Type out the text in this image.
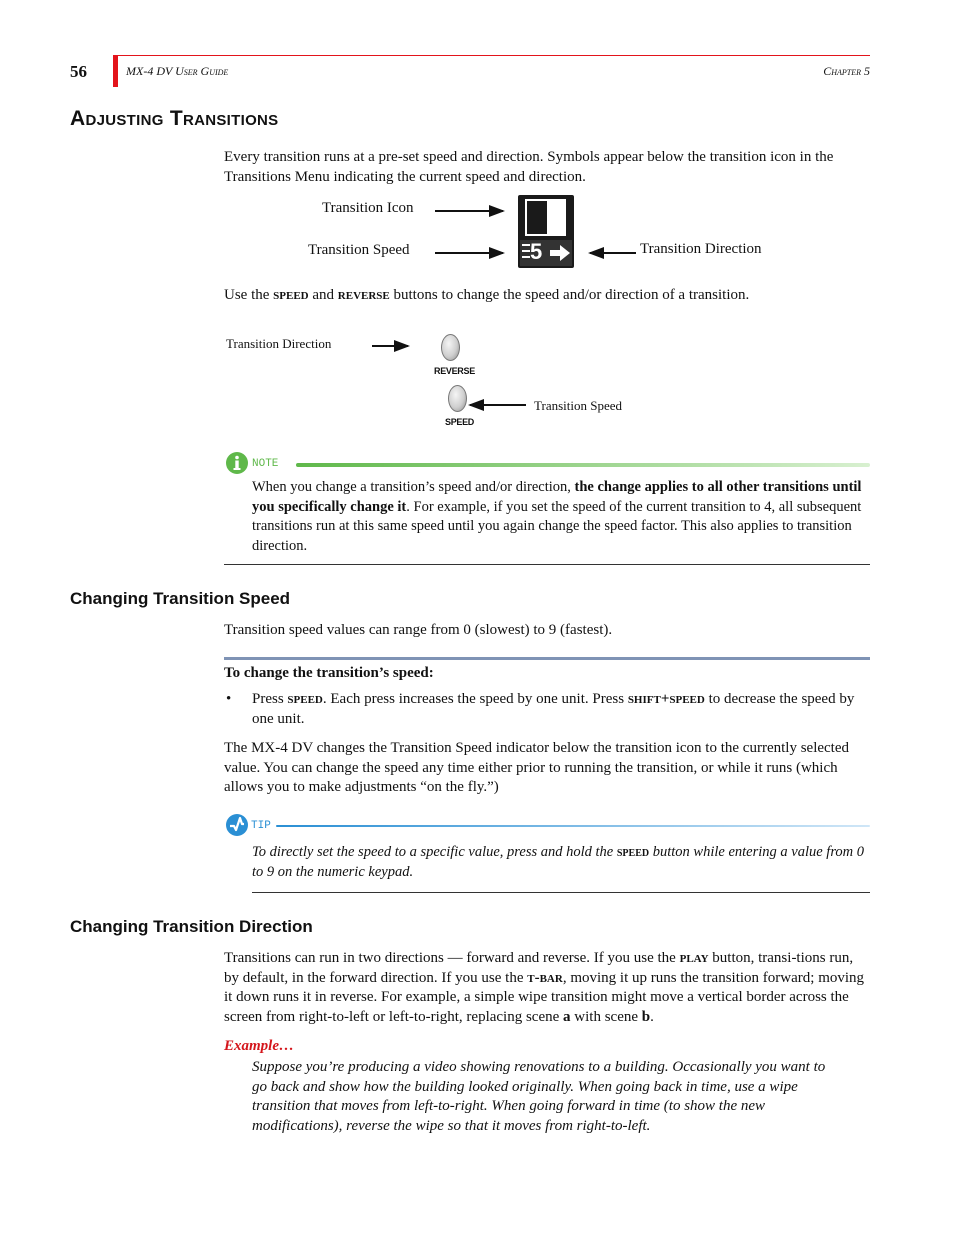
56	MX-4 DV User Guide	Chapter 5
Adjusting Transitions

Every transition runs at a pre-set speed and direction. Symbols appear below the transition icon in the Transitions Menu indicating the current speed and direction.

Transition Icon
Transition Speed	5	Transition Direction

Use the speed and reverse buttons to change the speed and/or direction of a transition.

Transition Direction
REVERSE
SPEED
Transition Speed
NOTE

When you change a transition’s speed and/or direction, the change applies to all other transitions until you specifically change it. For example, if you set the speed of the current transition to 4, all subsequent transitions run at this same speed until you again change the speed factor. This also applies to transition direction.

Changing Transition Speed

Transition speed values can range from 0 (slowest) to 9 (fastest).

To change the transition’s speed:
• Press speed. Each press increases the speed by one unit. Press shift+speed to decrease the speed by one unit.

The MX-4 DV changes the Transition Speed indicator below the transition icon to the currently selected value. You can change the speed any time either prior to running the transition, or while it runs (which allows you to make adjustments “on the fly.”)

TIP

To directly set the speed to a specific value, press and hold the speed button while entering a value from 0 to 9 on the numeric keypad.

Changing Transition Direction

Transitions can run in two directions — forward and reverse. If you use the play button, transi-tions run, by default, in the forward direction. If you use the t-bar, moving it up runs the transition forward; moving it down runs it in reverse. For example, a simple wipe transition might move a vertical border across the screen from right-to-left or left-to-right, replacing scene a with scene b.

Example…

Suppose you’re producing a video showing renovations to a building. Occasionally you want to go back and show how the building looked originally. When going back in time, use a wipe transition that moves from left-to-right. When going forward in time (to show the new modifications), reverse the wipe so that it moves from right-to-left.
